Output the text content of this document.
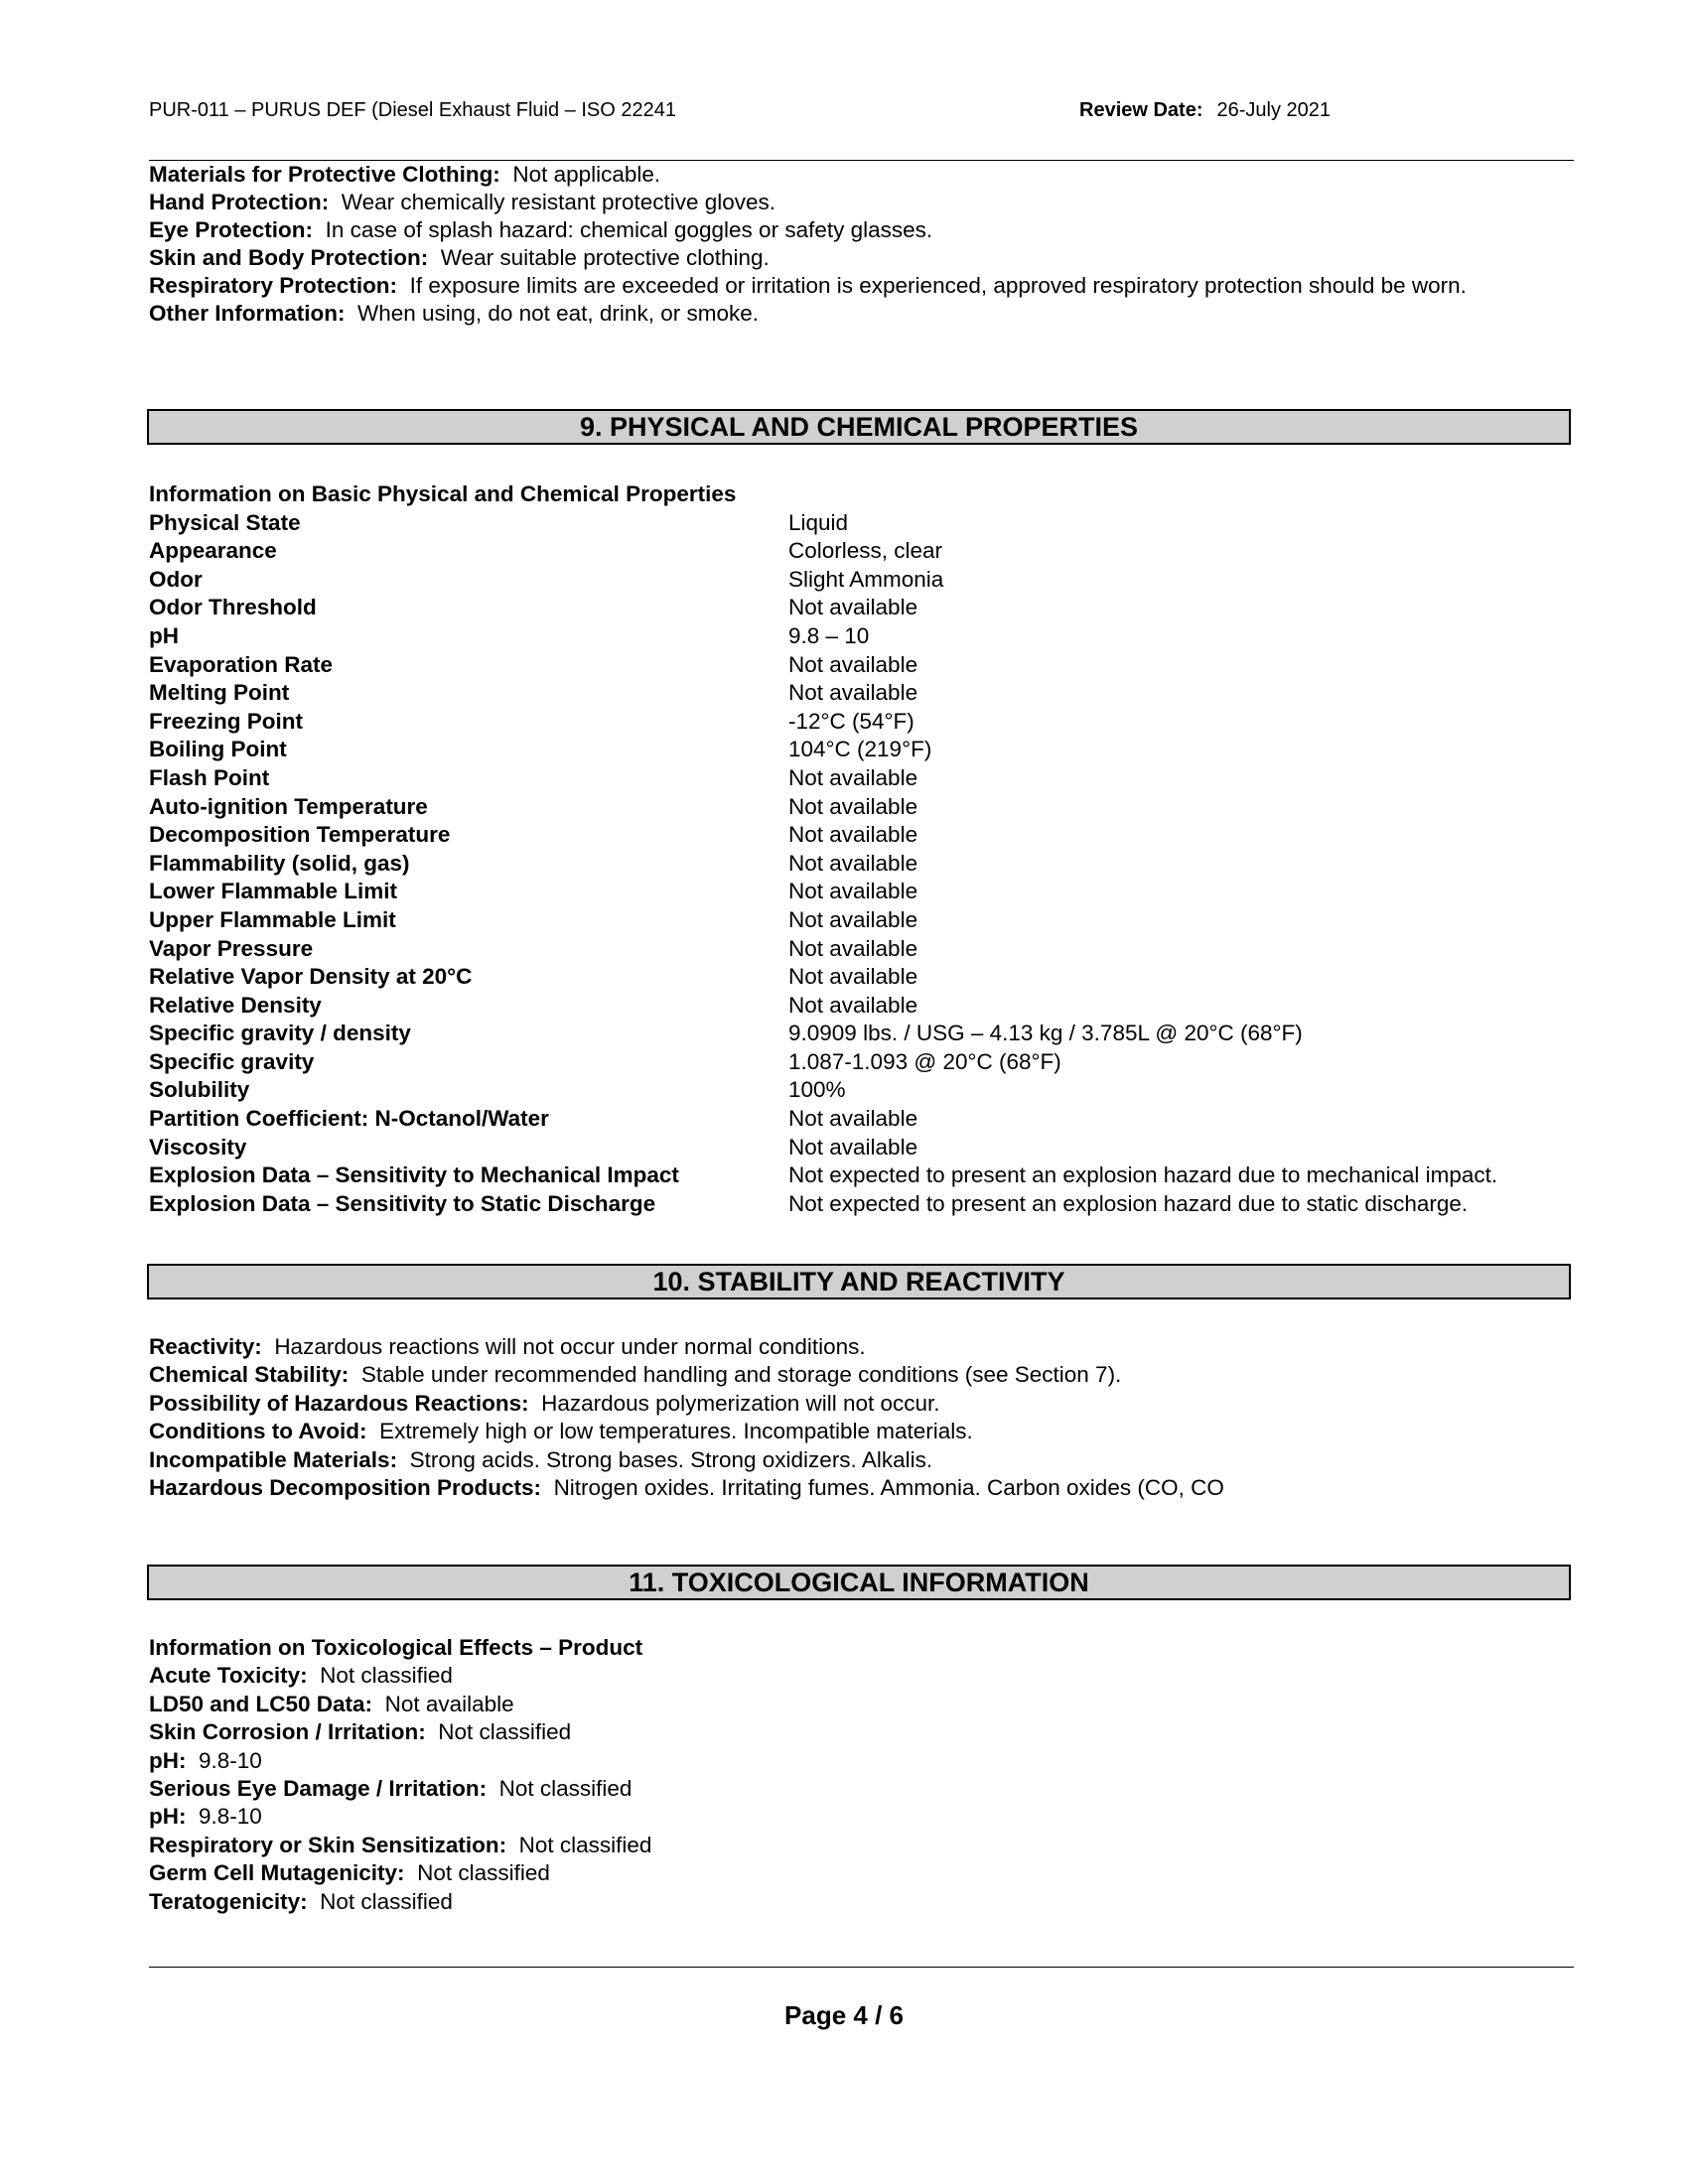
PUR-011 – PURUS DEF (Diesel Exhaust Fluid – ISO 22241	Review Date: 26-July 2021

Materials for Protective Clothing: Not applicable.

Hand Protection: Wear chemically resistant protective gloves.

Eye Protection: In case of splash hazard: chemical goggles or safety glasses.

Skin and Body Protection: Wear suitable protective clothing.

Respiratory Protection: If exposure limits are exceeded or irritation is experienced, approved respiratory protection should be worn.

Other Information: When using, do not eat, drink, or smoke.

9. PHYSICAL AND CHEMICAL PROPERTIES
Information on Basic Physical and Chemical Properties
Physical State	Liquid
Appearance	Colorless, clear
Odor	Slight Ammonia
Odor Threshold	Not available
pH	9.8 – 10
Evaporation Rate	Not available
Melting Point	Not available
Freezing Point	-12°C (54°F)
Boiling Point	104°C (219°F)
Flash Point	Not available
Auto-ignition Temperature	Not available
Decomposition Temperature	Not available
Flammability (solid, gas)	Not available
Lower Flammable Limit	Not available
Upper Flammable Limit	Not available
Vapor Pressure	Not available
Relative Vapor Density at 20°C	Not available
Relative Density	Not available
Specific gravity / density	9.0909 lbs. / USG – 4.13 kg / 3.785L @ 20°C (68°F)
Specific gravity	1.087-1.093 @ 20°C (68°F)
Solubility	100%
Partition Coefficient: N-Octanol/Water	Not available
Viscosity	Not available
Explosion Data – Sensitivity to Mechanical Impact	Not expected to present an explosion hazard due to mechanical impact.
Explosion Data – Sensitivity to Static Discharge	Not expected to present an explosion hazard due to static discharge.
10. STABILITY AND REACTIVITY

Reactivity: Hazardous reactions will not occur under normal conditions.

Chemical Stability: Stable under recommended handling and storage conditions (see Section 7).

Possibility of Hazardous Reactions: Hazardous polymerization will not occur.

Conditions to Avoid: Extremely high or low temperatures. Incompatible materials.

Incompatible Materials: Strong acids. Strong bases. Strong oxidizers. Alkalis.

Hazardous Decomposition Products: Nitrogen oxides. Irritating fumes. Ammonia. Carbon oxides (CO, CO

11. TOXICOLOGICAL INFORMATION

Information on Toxicological Effects – Product

Acute Toxicity: Not classified

LD50 and LC50 Data: Not available

Skin Corrosion / Irritation: Not classified

pH: 9.8-10

Serious Eye Damage / Irritation: Not classified

pH: 9.8-10

Respiratory or Skin Sensitization: Not classified

Germ Cell Mutagenicity: Not classified

Teratogenicity: Not classified

Page 4 / 6
